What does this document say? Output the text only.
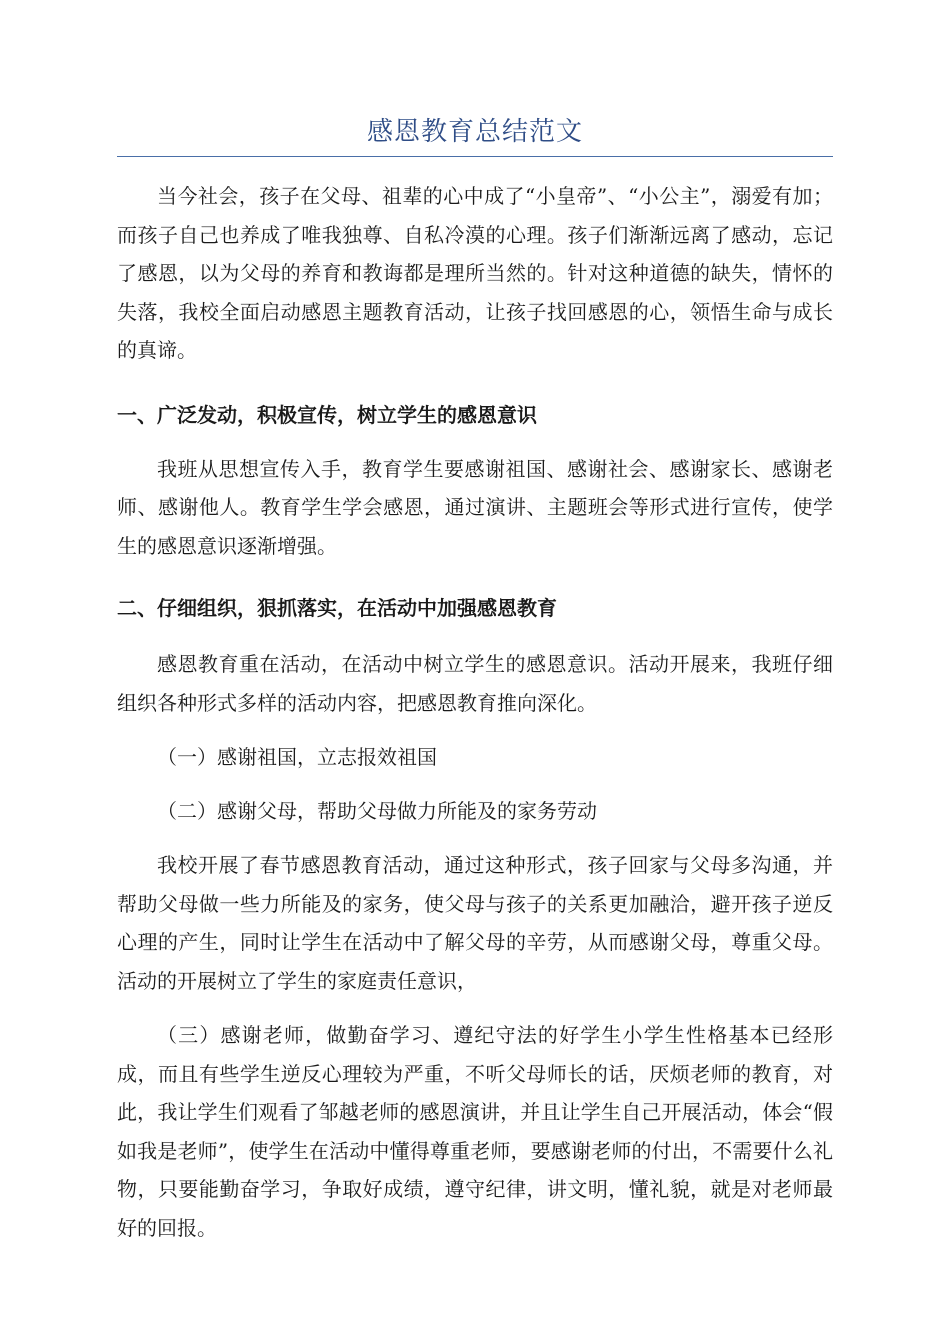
感恩教育总结范文

当今社会，孩子在父母、祖辈的心中成了“小皇帝”、“小公主”，溺爱有加；而孩子自己也养成了唯我独尊、自私冷漠的心理。孩子们渐渐远离了感动，忘记了感恩，以为父母的养育和教诲都是理所当然的。针对这种道德的缺失，情怀的失落，我校全面启动感恩主题教育活动，让孩子找回感恩的心，领悟生命与成长的真谛。

一、广泛发动，积极宣传，树立学生的感恩意识

我班从思想宣传入手，教育学生要感谢祖国、感谢社会、感谢家长、感谢老师、感谢他人。教育学生学会感恩，通过演讲、主题班会等形式进行宣传，使学生的感恩意识逐渐增强。

二、仔细组织，狠抓落实，在活动中加强感恩教育

感恩教育重在活动，在活动中树立学生的感恩意识。活动开展来，我班仔细组织各种形式多样的活动内容，把感恩教育推向深化。

（一）感谢祖国，立志报效祖国

（二）感谢父母，帮助父母做力所能及的家务劳动

我校开展了春节感恩教育活动，通过这种形式，孩子回家与父母多沟通，并帮助父母做一些力所能及的家务，使父母与孩子的关系更加融洽，避开孩子逆反心理的产生，同时让学生在活动中了解父母的辛劳，从而感谢父母，尊重父母。活动的开展树立了学生的家庭责任意识，

（三）感谢老师，做勤奋学习、遵纪守法的好学生小学生性格基本已经形成，而且有些学生逆反心理较为严重，不听父母师长的话，厌烦老师的教育，对此，我让学生们观看了邹越老师的感恩演讲，并且让学生自己开展活动，体会“假如我是老师”，使学生在活动中懂得尊重老师，要感谢老师的付出，不需要什么礼物，只要能勤奋学习，争取好成绩，遵守纪律，讲文明，懂礼貌，就是对老师最好的回报。
